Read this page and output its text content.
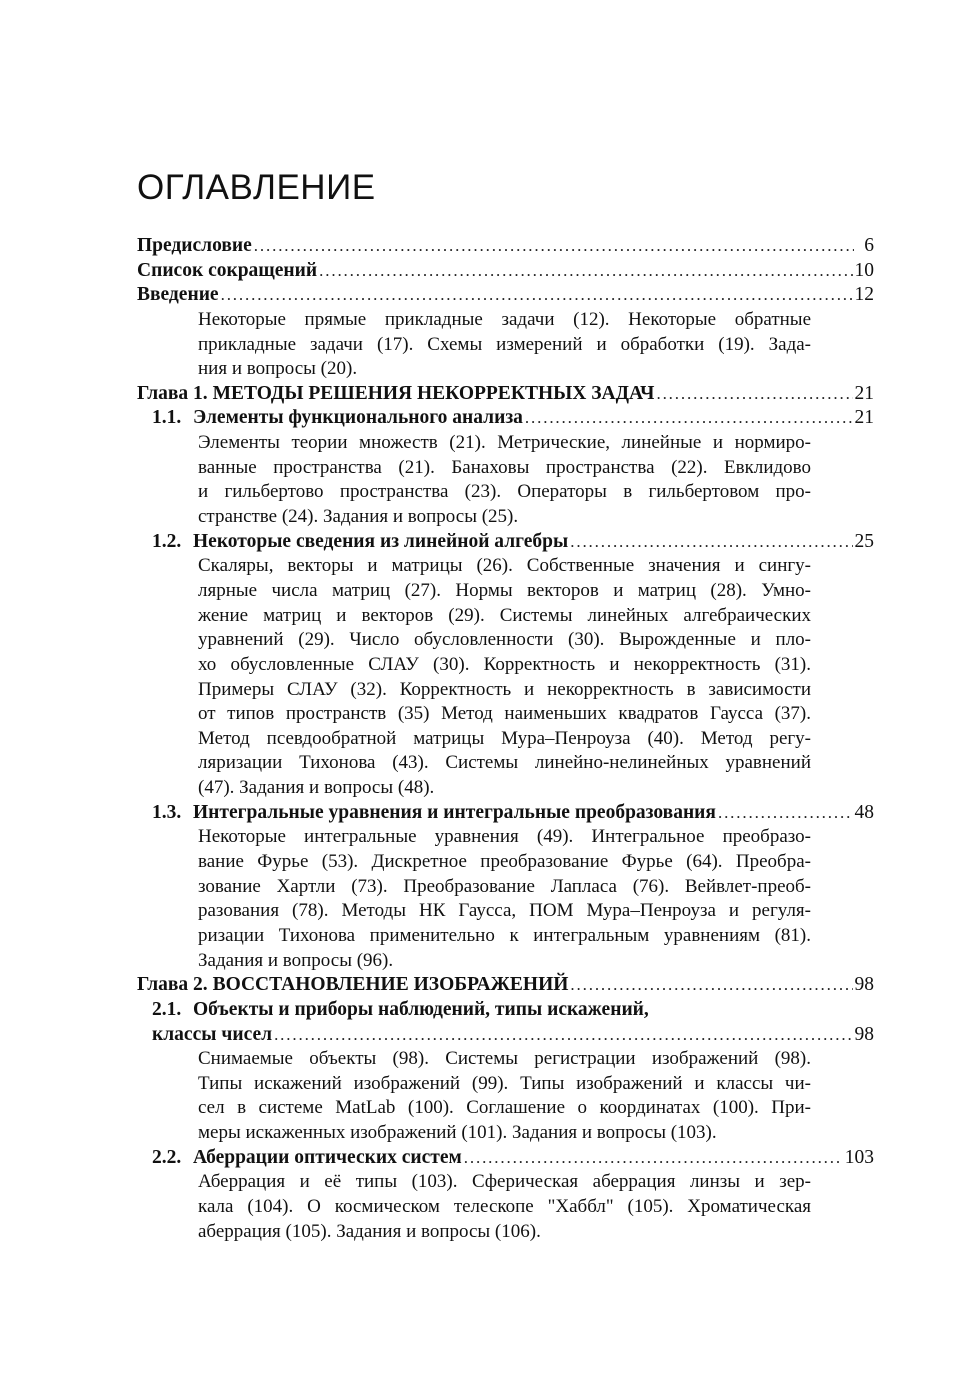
ОГЛАВЛЕНИЕ
Предисловие . . .	6
Список сокращений . . .	10
Введение . . .	12
Некоторые прямые прикладные задачи (12). Некоторые обратные
прикладные задачи (17). Схемы измерений и обработки (19). Зада-
ния и вопросы (20).
Глава 1.
МЕТОДЫ РЕШЕНИЯ НЕКОРРЕКТНЫХ ЗАДАЧ . . .	21
1.1. Элементы функционального анализа . . .	21
Элементы теории множеств (21). Метрические, линейные и нормиро-
ванные пространства (21). Банаховы пространства (22). Евклидово
и гильбертово пространства (23). Операторы в гильбертовом про-
странстве (24). Задания и вопросы (25).
1.2. Некоторые сведения из линейной алгебры . . .	25
Скаляры, векторы и матрицы (26). Собственные значения и сингу-
лярные числа матриц (27). Нормы векторов и матриц (28). Умно-
жение матриц и векторов (29). Системы линейных алгебраических
уравнений (29). Число обусловленности (30). Вырожденные и пло-
хо обусловленные СЛАУ (30). Корректность и некорректность (31).
Примеры СЛАУ (32). Корректность и некорректность в зависимости
от типов пространств (35) Метод наименьших квадратов Гаусса (37).
Метод псевдообратной матрицы Мура–Пенроуза (40). Метод регу-
ляризации Тихонова (43). Системы линейно-нелинейных уравнений
(47). Задания и вопросы (48).
1.3. Интегральные уравнения и интегральные преобразования . . .	48
Некоторые интегральные уравнения (49). Интегральное преобразо-
вание Фурье (53). Дискретное преобразование Фурье (64). Преобра-
зование Хартли (73). Преобразование Лапласа (76). Вейвлет-преоб-
разования (78). Методы НК Гаусса, ПОМ Мура–Пенроуза и регуля-
ризации Тихонова применительно к интегральным уравнениям (81).
Задания и вопросы (96).
Глава 2.
ВОССТАНОВЛЕНИЕ ИЗОБРАЖЕНИЙ . . .	98
2.1. Объекты и приборы наблюдений, типы искажений,
классы чисел . . .	98
Снимаемые объекты (98). Системы регистрации изображений (98).
Типы искажений изображений (99). Типы изображений и классы чи-
сел в системе MatLab (100). Соглашение о координатах (100). При-
меры искаженных изображений (101). Задания и вопросы (103).
2.2. Аберрации оптических систем . . .	103
Аберрация и её типы (103). Сферическая аберрация линзы и зер-
кала (104). О космическом телескопе "Хаббл" (105). Хроматическая
аберрация (105). Задания и вопросы (106).
